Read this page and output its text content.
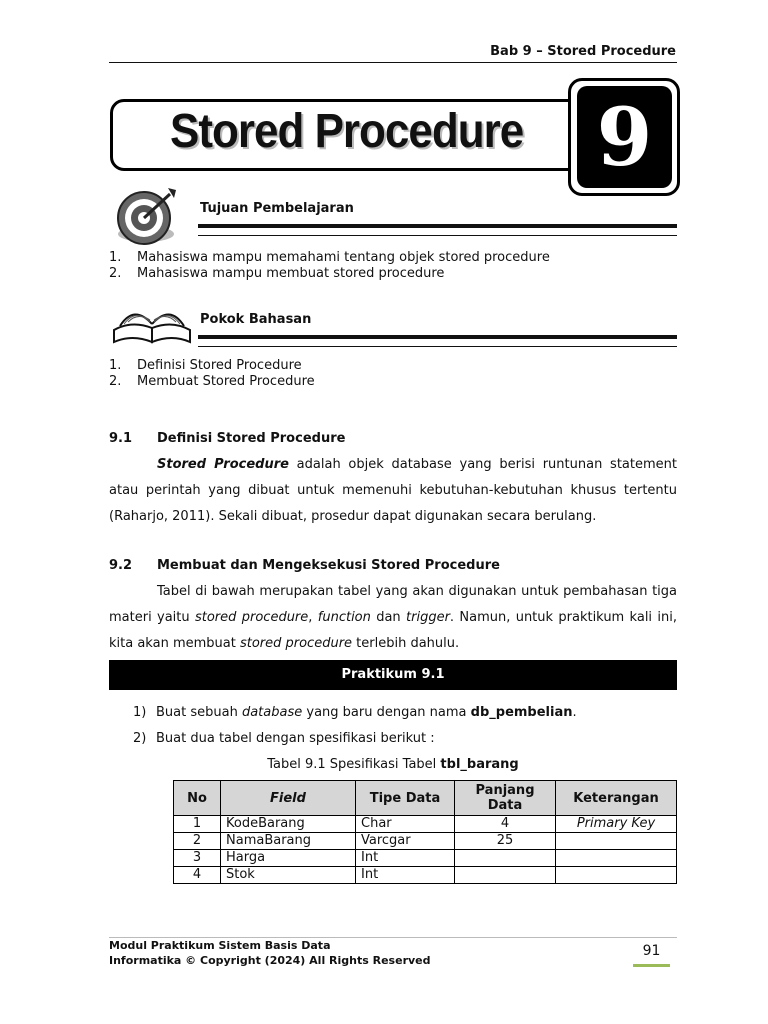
Bab 9 – Stored Procedure
Stored Procedure 9
Tujuan Pembelajaran
1.	Mahasiswa mampu memahami tentang objek stored procedure
2.	Mahasiswa mampu membuat stored procedure
Pokok Bahasan
1.	Definisi Stored Procedure
2.	Membuat Stored Procedure
9.1 Definisi Stored Procedure
Stored Procedure adalah objek database yang berisi runtunan statement atau perintah yang dibuat untuk memenuhi kebutuhan-kebutuhan khusus tertentu (Raharjo, 2011). Sekali dibuat, prosedur dapat digunakan secara berulang.
9.2 Membuat dan Mengeksekusi Stored Procedure
Tabel di bawah merupakan tabel yang akan digunakan untuk pembahasan tiga materi yaitu stored procedure, function dan trigger. Namun, untuk praktikum kali ini, kita akan membuat stored procedure terlebih dahulu.
Praktikum 9.1
1) Buat sebuah database yang baru dengan nama db_pembelian.
2) Buat dua tabel dengan spesifikasi berikut :
Tabel 9.1 Spesifikasi Tabel tbl_barang
No	Field	Tipe Data	Panjang Data	Keterangan
1	KodeBarang	Char	4	Primary Key
2	NamaBarang	Varcgar	25	
3	Harga	Int		
4	Stok	Int		
Modul Praktikum Sistem Basis Data
Informatika © Copyright (2024) All Rights Reserved
91
